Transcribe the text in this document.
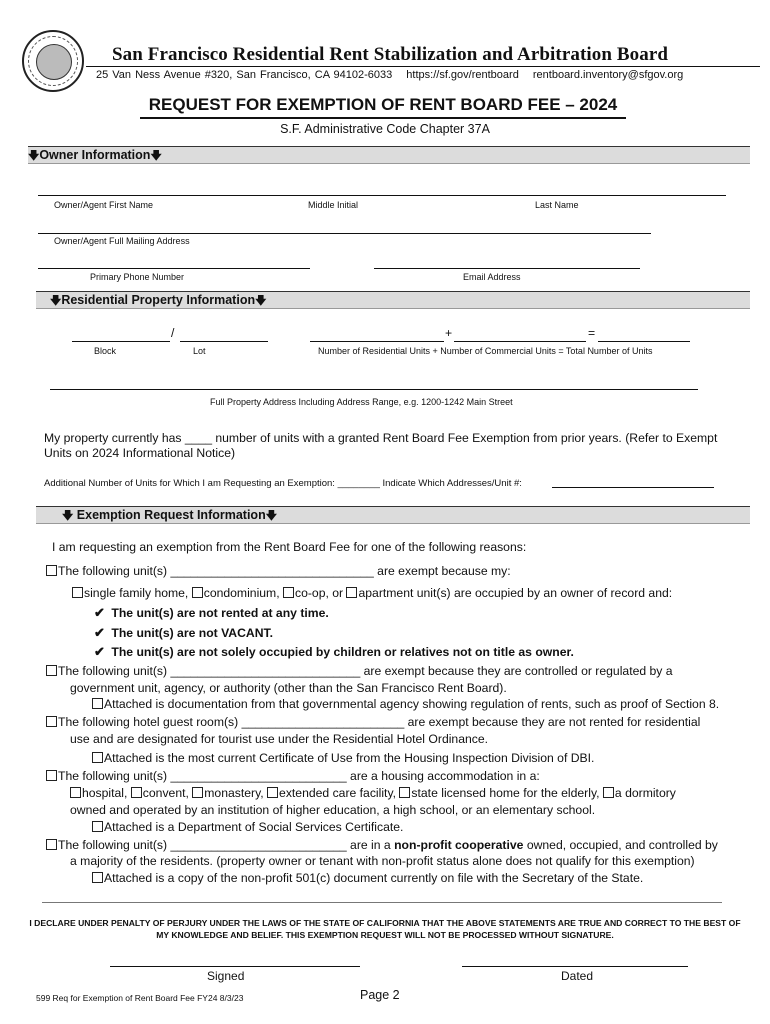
San Francisco Residential Rent Stabilization and Arbitration Board
25 Van Ness Avenue #320, San Francisco, CA 94102-6033 https://sf.gov/rentboard rentboard.inventory@sfgov.org
REQUEST FOR EXEMPTION OF RENT BOARD FEE – 2024
S.F. Administrative Code Chapter 37A
🡇Owner Information🡇
Owner/Agent First Name	Middle Initial	Last Name
Owner/Agent Full Mailing Address
Primary Phone Number	Email Address
🡇Residential Property Information🡇
/
Block	Lot
+	=
Number of Residential Units + Number of Commercial Units = Total Number of Units
Full Property Address Including Address Range, e.g. 1200-1242 Main Street
My property currently has ____ number of units with a granted Rent Board Fee Exemption from prior years. (Refer to Exempt Units on 2024 Informational Notice)
Additional Number of Units for Which I am Requesting an Exemption: ________ Indicate Which Addresses/Unit #:
🡇 Exemption Request Information🡇
I am requesting an exemption from the Rent Board Fee for one of the following reasons:
The following unit(s) ______________________________ are exempt because my:
single family home, condominium, co-op, or apartment unit(s) are occupied by an owner of record and:
✔ The unit(s) are not rented at any time.
✔ The unit(s) are not VACANT.
✔ The unit(s) are not solely occupied by children or relatives not on title as owner.
The following unit(s) ____________________________ are exempt because they are controlled or regulated by a
government unit, agency, or authority (other than the San Francisco Rent Board).
Attached is documentation from that governmental agency showing regulation of rents, such as proof of Section 8.
The following hotel guest room(s) ________________________ are exempt because they are not rented for residential
use and are designated for tourist use under the Residential Hotel Ordinance.
Attached is the most current Certificate of Use from the Housing Inspection Division of DBI.
The following unit(s) __________________________ are a housing accommodation in a:
hospital, convent, monastery, extended care facility, state licensed home for the elderly, a dormitory
owned and operated by an institution of higher education, a high school, or an elementary school.
Attached is a Department of Social Services Certificate.
The following unit(s) __________________________ are in a non-profit cooperative owned, occupied, and controlled by
a majority of the residents. (property owner or tenant with non-profit status alone does not qualify for this exemption)
Attached is a copy of the non-profit 501(c) document currently on file with the Secretary of the State.
I DECLARE UNDER PENALTY OF PERJURY UNDER THE LAWS OF THE STATE OF CALIFORNIA THAT THE ABOVE STATEMENTS ARE TRUE AND CORRECT TO THE BEST OF MY KNOWLEDGE AND BELIEF. THIS EXEMPTION REQUEST WILL NOT BE PROCESSED WITHOUT SIGNATURE.
Signed	Dated
599 Req for Exemption of Rent Board Fee FY24 8/3/23	Page 2
